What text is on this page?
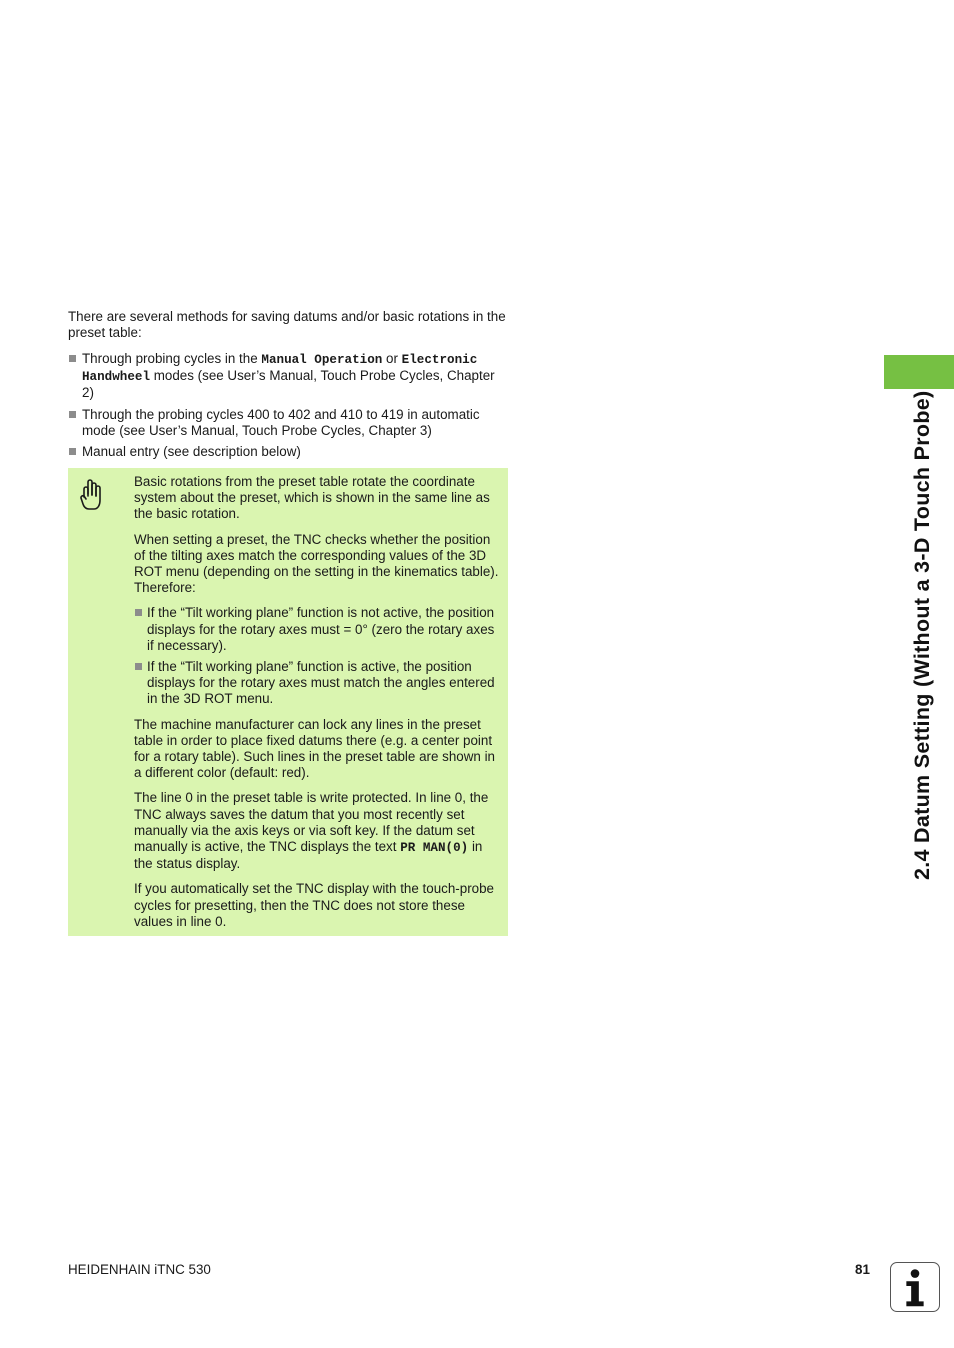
There are several methods for saving datums and/or basic rotations in the preset table:

Through probing cycles in the Manual Operation or Electronic Handwheel modes (see User’s Manual, Touch Probe Cycles, Chapter 2)
Through the probing cycles 400 to 402 and 410 to 419 in automatic mode (see User’s Manual, Touch Probe Cycles, Chapter 3)
Manual entry (see description below)

Basic rotations from the preset table rotate the coordinate system about the preset, which is shown in the same line as the basic rotation.

When setting a preset, the TNC checks whether the position of the tilting axes match the corresponding values of the 3D ROT menu (depending on the setting in the kinematics table). Therefore:

If the “Tilt working plane” function is not active, the position displays for the rotary axes must = 0° (zero the rotary axes if necessary).
If the “Tilt working plane” function is active, the position displays for the rotary axes must match the angles entered in the 3D ROT menu.

The machine manufacturer can lock any lines in the preset table in order to place fixed datums there (e.g. a center point for a rotary table). Such lines in the preset table are shown in a different color (default: red).

The line 0 in the preset table is write protected. In line 0, the TNC always saves the datum that you most recently set manually via the axis keys or via soft key. If the datum set manually is active, the TNC displays the text PR MAN(0) in the status display.

If you automatically set the TNC display with the touch-probe cycles for presetting, then the TNC does not store these values in line 0.

2.4 Datum Setting (Without a 3-D Touch Probe)
HEIDENHAIN iTNC 530	81
